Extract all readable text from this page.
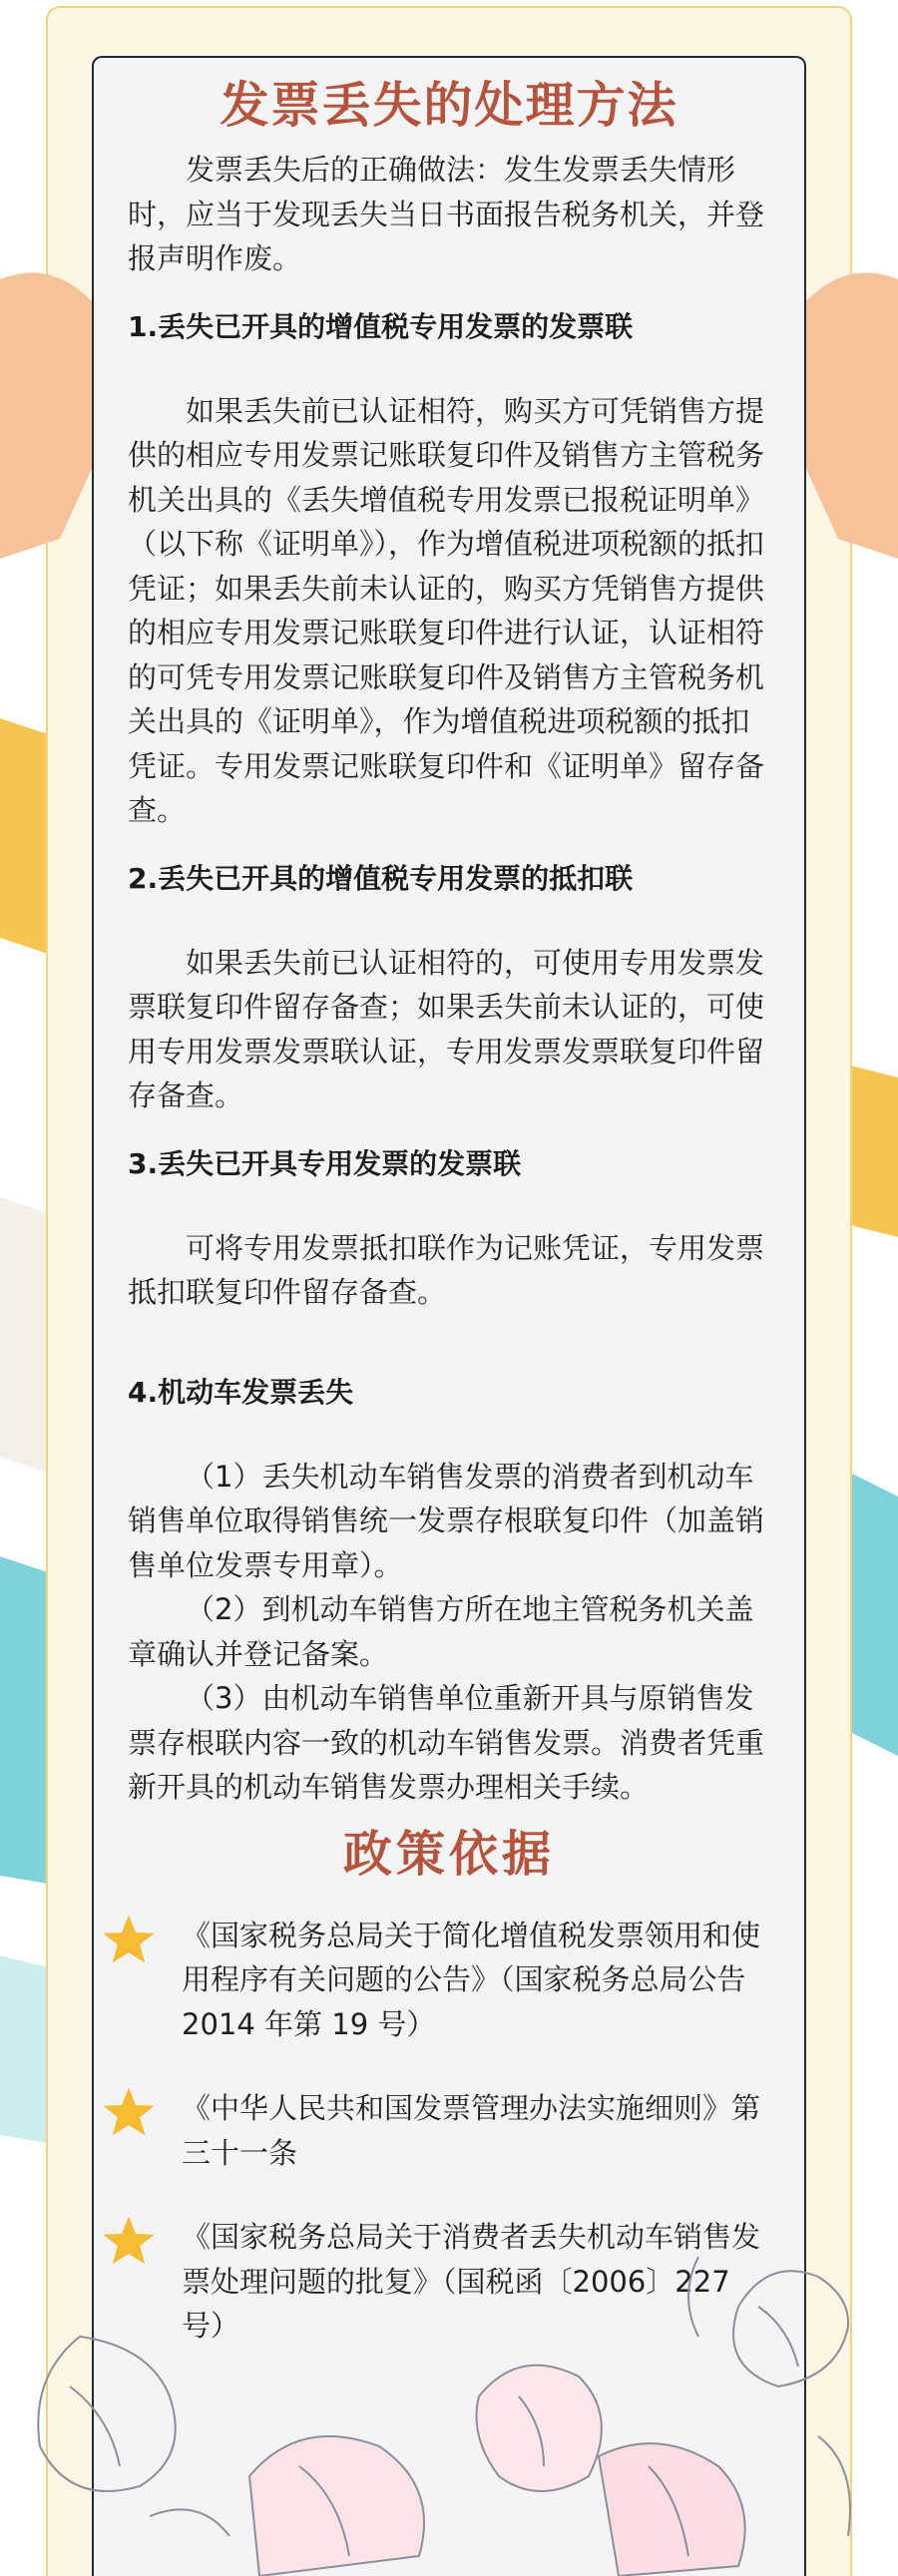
发票丢失的处理方法

发票丢失后的正确做法：发生发票丢失情形时，应当于发现丢失当日书面报告税务机关，并登报声明作废。

1.丢失已开具的增值税专用发票的发票联

如果丢失前已认证相符，购买方可凭销售方提供的相应专用发票记账联复印件及销售方主管税务机关出具的《丢失增值税专用发票已报税证明单》（以下称《证明单》），作为增值税进项税额的抵扣凭证；如果丢失前未认证的，购买方凭销售方提供的相应专用发票记账联复印件进行认证，认证相符的可凭专用发票记账联复印件及销售方主管税务机关出具的《证明单》，作为增值税进项税额的抵扣凭证。专用发票记账联复印件和《证明单》留存备查。

2.丢失已开具的增值税专用发票的抵扣联

如果丢失前已认证相符的，可使用专用发票发票联复印件留存备查；如果丢失前未认证的，可使用专用发票发票联认证，专用发票发票联复印件留存备查。

3.丢失已开具专用发票的发票联

可将专用发票抵扣联作为记账凭证，专用发票抵扣联复印件留存备查。

4.机动车发票丢失

（1）丢失机动车销售发票的消费者到机动车销售单位取得销售统一发票存根联复印件（加盖销售单位发票专用章）。

（2）到机动车销售方所在地主管税务机关盖章确认并登记备案。

（3）由机动车销售单位重新开具与原销售发票存根联内容一致的机动车销售发票。消费者凭重新开具的机动车销售发票办理相关手续。

政策依据

《国家税务总局关于简化增值税发票领用和使用程序有关问题的公告》（国家税务总局公告 2014 年第 19 号）

《中华人民共和国发票管理办法实施细则》第三十一条

《国家税务总局关于消费者丢失机动车销售发票处理问题的批复》（国税函〔2006〕227 号）
